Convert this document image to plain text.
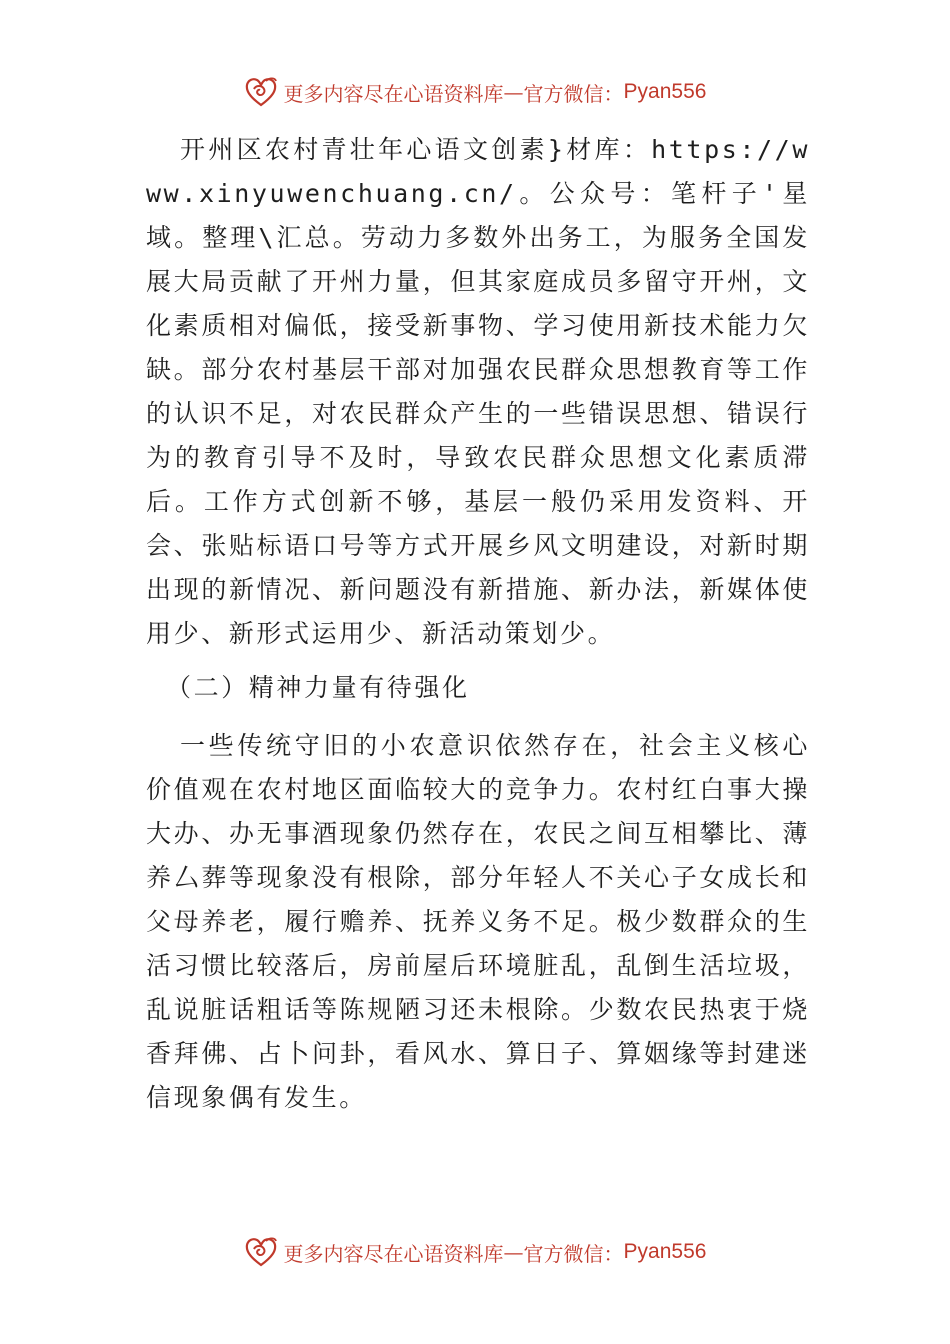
更多内容尽在心语资料库 — 官方微信： Pyan556

开州区农村青壮年心语文创素}材库：https://www.xinyuwenchuang.cn/。公众号：笔杆子'星域。整理\汇总。劳动力多数外出务工，为服务全国发展大局贡献了开州力量，但其家庭成员多留守开州，文化素质相对偏低，接受新事物、学习使用新技术能力欠缺。部分农村基层干部对加强农民群众思想教育等工作的认识不足，对农民群众产生的一些错误思想、错误行为的教育引导不及时，导致农民群众思想文化素质滞后。工作方式创新不够，基层一般仍采用发资料、开会、张贴标语口号等方式开展乡风文明建设，对新时期出现的新情况、新问题没有新措施、新办法，新媒体使用少、新形式运用少、新活动策划少。

（二）精神力量有待强化

一些传统守旧的小农意识依然存在，社会主义核心价值观在农村地区面临较大的竞争力。农村红白事大操大办、办无事酒现象仍然存在，农民之间互相攀比、薄养厶葬等现象没有根除，部分年轻人不关心子女成长和父母养老，履行赡养、抚养义务不足。极少数群众的生活习惯比较落后，房前屋后环境脏乱，乱倒生活垃圾，乱说脏话粗话等陈规陋习还未根除。少数农民热衷于烧香拜佛、占卜问卦，看风水、算日子、算姻缘等封建迷信现象偶有发生。

更多内容尽在心语资料库 — 官方微信： Pyan556
